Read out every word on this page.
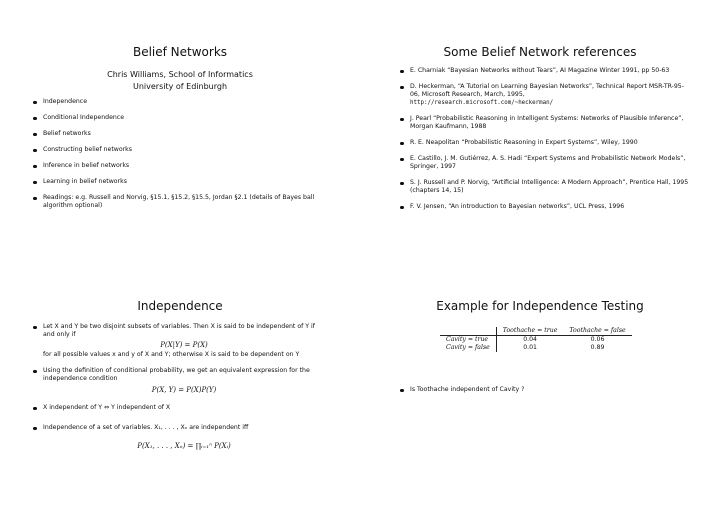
Belief Networks
Chris Williams, School of Informatics
University of Edinburgh
Independence
Conditional Independence
Belief networks
Constructing belief networks
Inference in belief networks
Learning in belief networks
Readings: e.g. Russell and Norvig, §15.1, §15.2, §15.5, Jordan §2.1 (details of Bayes ball algorithm optional)
Some Belief Network references
E. Charniak “Bayesian Networks without Tears”, AI Magazine Winter 1991, pp 50-63
D. Heckerman, “A Tutorial on Learning Bayesian Networks”, Technical Report MSR-TR-95-06, Microsoft Research, March, 1995,
http://research.microsoft.com/~heckerman/
J. Pearl “Probabilistic Reasoning in Intelligent Systems: Networks of Plausible Inference”, Morgan Kaufmann, 1988
R. E. Neapolitan “Probabilistic Reasoning in Expert Systems”, Wiley, 1990
E. Castillo, J. M. Gutiérrez, A. S. Hadi “Expert Systems and Probabilistic Network Models”, Springer, 1997
S. J. Russell and P. Norvig, “Artificial Intelligence: A Modern Approach”, Prentice Hall, 1995 (chapters 14, 15)
F. V. Jensen, “An introduction to Bayesian networks”, UCL Press, 1996
Independence
Let X and Y be two disjoint subsets of variables. Then X is said to be independent of Y if and only if
P(X|Y) = P(X)
for all possible values x and y of X and Y; otherwise X is said to be dependent on Y
Using the definition of conditional probability, we get an equivalent expression for the independence condition
P(X, Y) = P(X)P(Y)
X independent of Y ⇔ Y independent of X
Independence of a set of variables. X₁, . . . , Xₙ are independent iff
P(X₁, . . . , Xₙ) = ∏ᵢ₌₁ⁿ P(Xᵢ)
Example for Independence Testing
	Toothache = true	Toothache = false
Cavity = true	0.04	0.06
Cavity = false	0.01	0.89
Is Toothache independent of Cavity ?
